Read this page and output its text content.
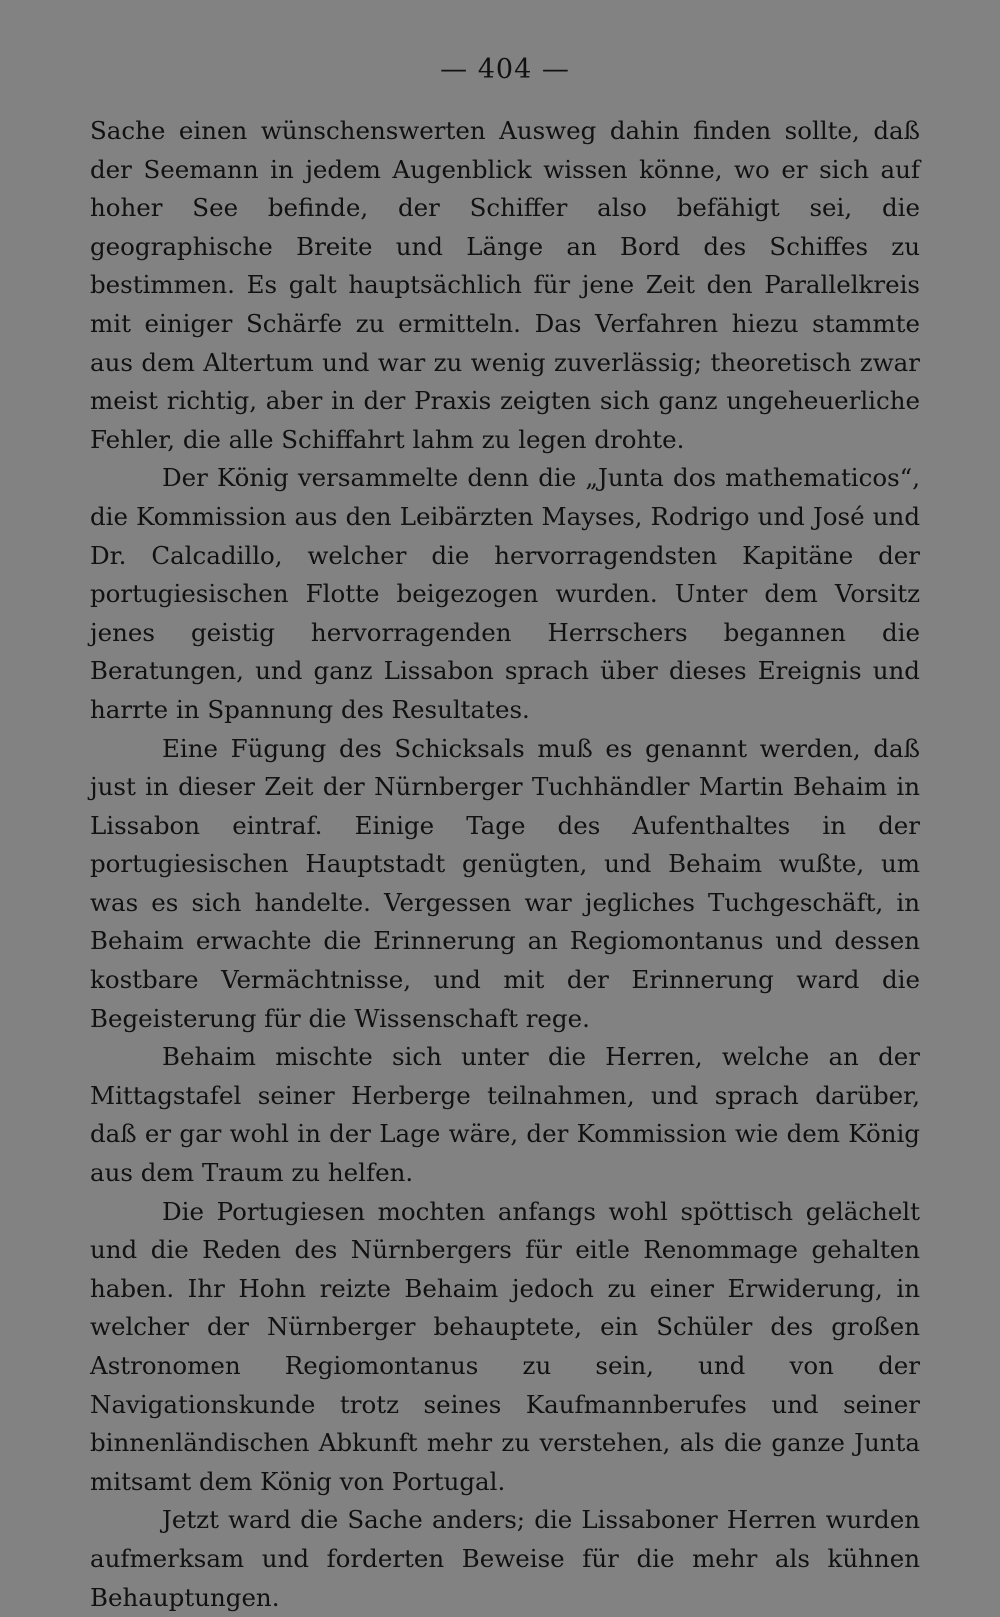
— 404 —

Sache einen wünschenswerten Ausweg dahin finden sollte, daß der Seemann in jedem Augenblick wissen könne, wo er sich auf hoher See befinde, der Schiffer also befähigt sei, die geographische Breite und Länge an Bord des Schiffes zu bestimmen. Es galt hauptsächlich für jene Zeit den Parallelkreis mit einiger Schärfe zu ermitteln. Das Verfahren hiezu stammte aus dem Altertum und war zu wenig zuverlässig; theoretisch zwar meist richtig, aber in der Praxis zeigten sich ganz ungeheuerliche Fehler, die alle Schiffahrt lahm zu legen drohte.

Der König versammelte denn die „Junta dos mathematicos“, die Kommission aus den Leibärzten Mayses, Rodrigo und José und Dr. Calcadillo, welcher die hervorragendsten Kapitäne der portugiesischen Flotte beigezogen wurden. Unter dem Vorsitz jenes geistig hervorragenden Herrschers begannen die Beratungen, und ganz Lissabon sprach über dieses Ereignis und harrte in Spannung des Resultates.

Eine Fügung des Schicksals muß es genannt werden, daß just in dieser Zeit der Nürnberger Tuchhändler Martin Behaim in Lissabon eintraf. Einige Tage des Aufenthaltes in der portugiesischen Hauptstadt genügten, und Behaim wußte, um was es sich handelte. Vergessen war jegliches Tuchgeschäft, in Behaim erwachte die Erinnerung an Regiomontanus und dessen kostbare Vermächtnisse, und mit der Erinnerung ward die Begeisterung für die Wissenschaft rege.

Behaim mischte sich unter die Herren, welche an der Mittagstafel seiner Herberge teilnahmen, und sprach darüber, daß er gar wohl in der Lage wäre, der Kommission wie dem König aus dem Traum zu helfen.

Die Portugiesen mochten anfangs wohl spöttisch gelächelt und die Reden des Nürnbergers für eitle Renommage gehalten haben. Ihr Hohn reizte Behaim jedoch zu einer Erwiderung, in welcher der Nürnberger behauptete, ein Schüler des großen Astronomen Regiomontanus zu sein, und von der Navigationskunde trotz seines Kaufmannberufes und seiner binnenländischen Abkunft mehr zu verstehen, als die ganze Junta mitsamt dem König von Portugal.

Jetzt ward die Sache anders; die Lissaboner Herren wurden aufmerksam und forderten Beweise für die mehr als kühnen Behauptungen.
